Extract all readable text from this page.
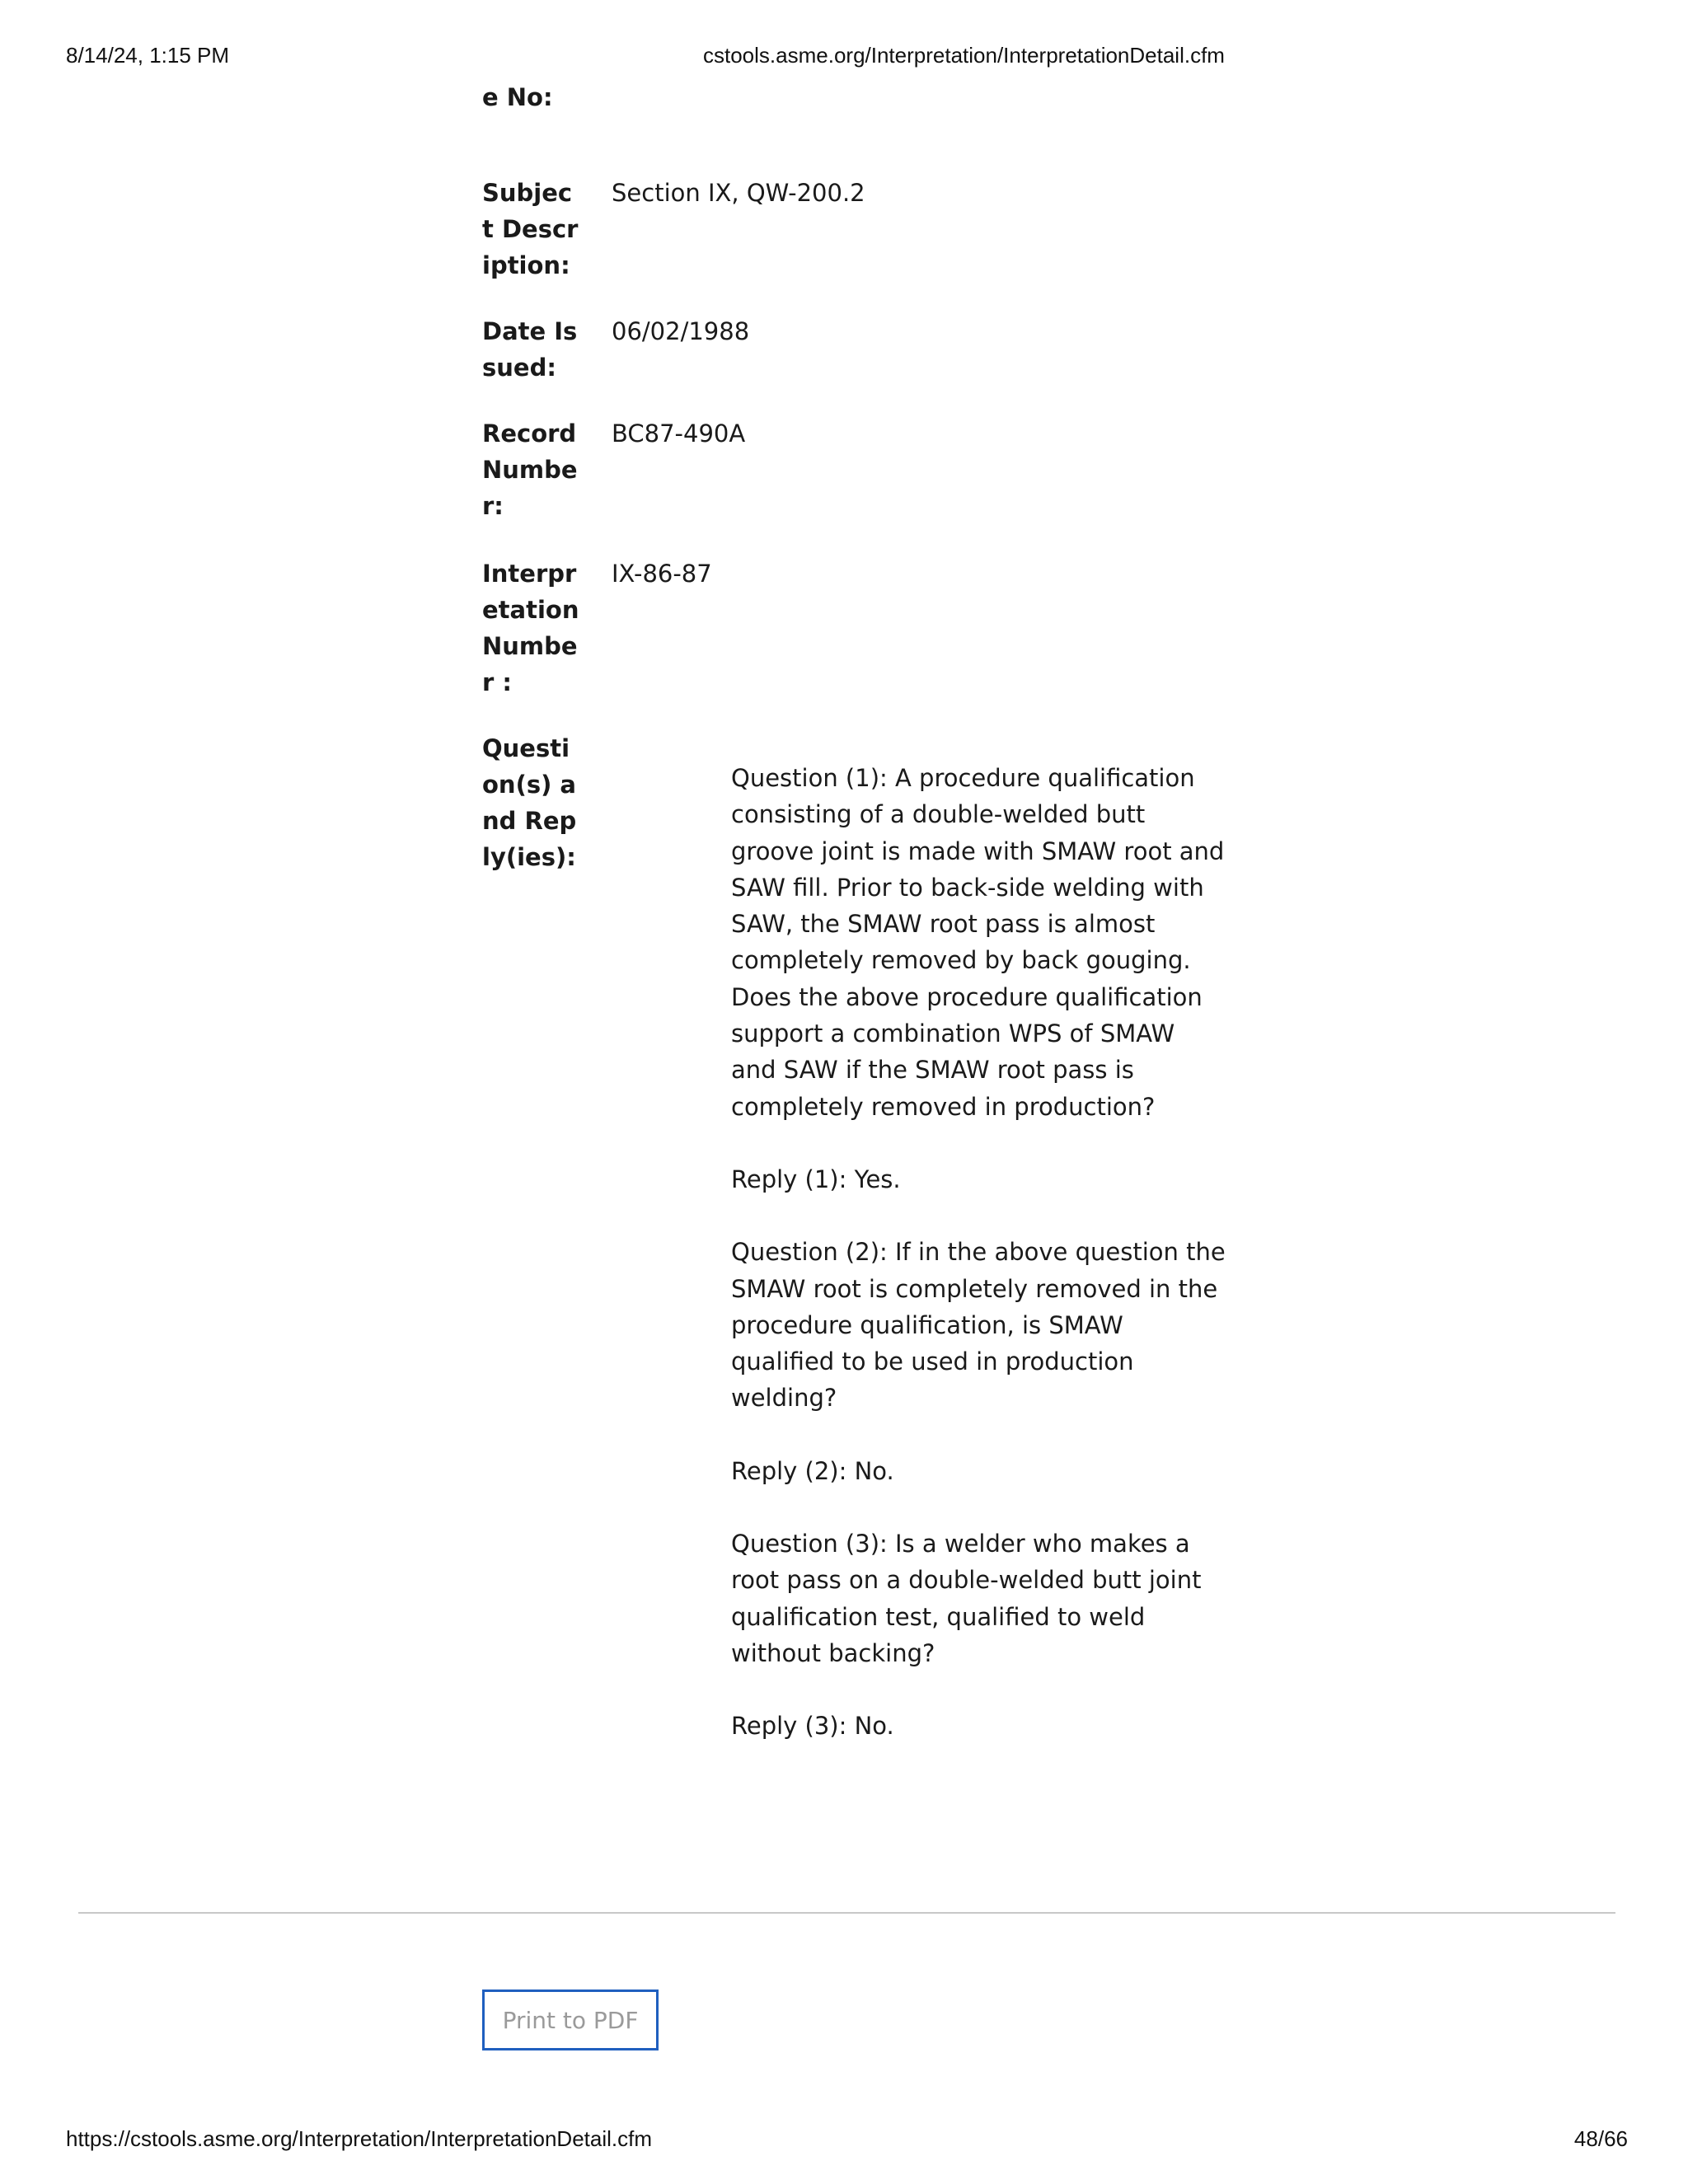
8/14/24, 1:15 PM	cstools.asme.org/Interpretation/InterpretationDetail.cfm
e No:
Subject Description:
Section IX, QW-200.2
Date Issued:
06/02/1988
Record Number:
BC87-490A
Interpretation Number :
IX-86-87
Question(s) and Reply(ies):

Question (1): A procedure qualification consisting of a double-welded butt groove joint is made with SMAW root and SAW fill. Prior to back-side welding with SAW, the SMAW root pass is almost completely removed by back gouging. Does the above procedure qualification support a combination WPS of SMAW and SAW if the SMAW root pass is completely removed in production?

Reply (1): Yes.

Question (2): If in the above question the SMAW root is completely removed in the procedure qualification, is SMAW qualified to be used in production welding?

Reply (2): No.

Question (3): Is a welder who makes a root pass on a double-welded butt joint qualification test, qualified to weld without backing?

Reply (3): No.

Print to PDF
https://cstools.asme.org/Interpretation/InterpretationDetail.cfm	48/66
